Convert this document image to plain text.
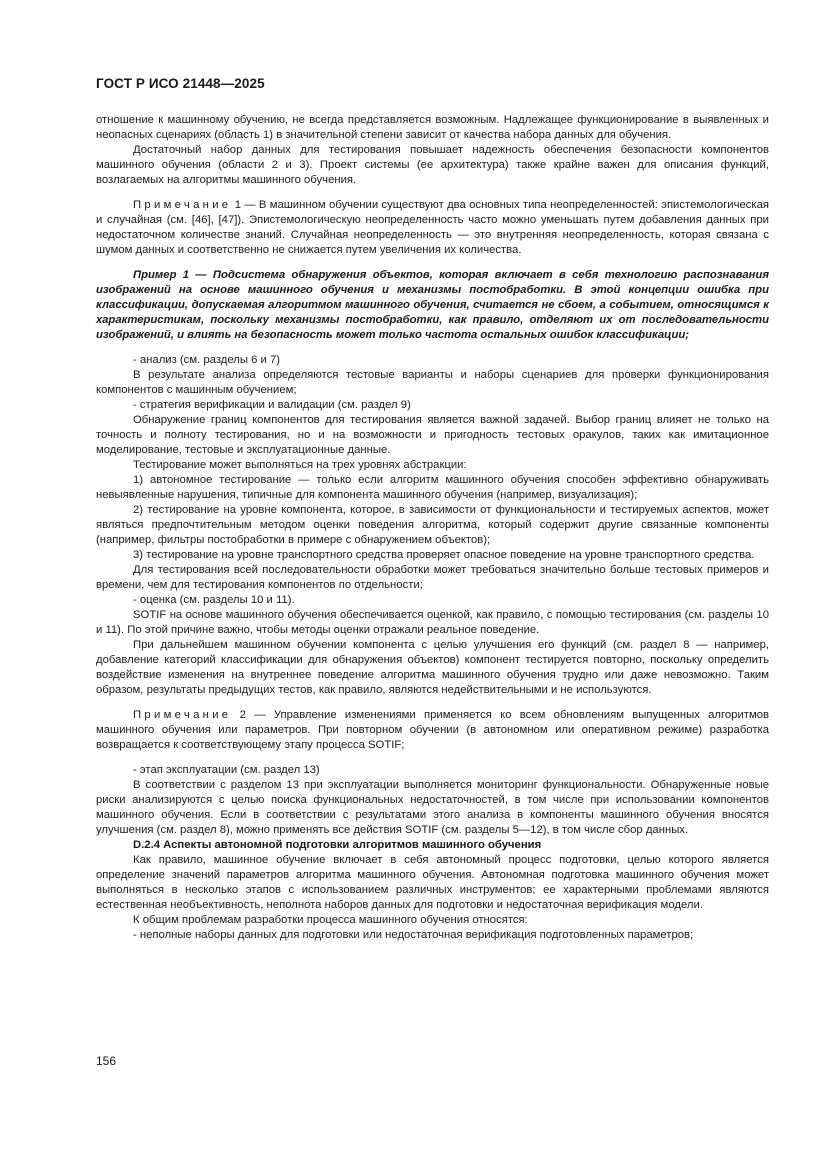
ГОСТ Р ИСО 21448—2025

отношение к машинному обучению, не всегда представляется возможным. Надлежащее функционирование в выявленных и неопасных сценариях (область 1) в значительной степени зависит от качества набора данных для обучения.

Достаточный набор данных для тестирования повышает надежность обеспечения безопасности компонентов машинного обучения (области 2 и 3). Проект системы (ее архитектура) также крайне важен для описания функций, возлагаемых на алгоритмы машинного обучения.

Примечание 1 — В машинном обучении существуют два основных типа неопределенностей: эпистемологическая и случайная (см. [46], [47]). Эпистемологическую неопределенность часто можно уменьшать путем добавления данных при недостаточном количестве знаний. Случайная неопределенность — это внутренняя неопределенность, которая связана с шумом данных и соответственно не снижается путем увеличения их количества.

Пример 1 — Подсистема обнаружения объектов, которая включает в себя технологию распознавания изображений на основе машинного обучения и механизмы постобработки. В этой концепции ошибка при классификации, допускаемая алгоритмом машинного обучения, считается не сбоем, а событием, относящимся к характеристикам, поскольку механизмы постобработки, как правило, отделяют их от последовательности изображений, и влиять на безопасность может только частота остальных ошибок классификации;

- анализ (см. разделы 6 и 7)

В результате анализа определяются тестовые варианты и наборы сценариев для проверки функционирования компонентов с машинным обучением;

- стратегия верификации и валидации (см. раздел 9)

Обнаружение границ компонентов для тестирования является важной задачей. Выбор границ влияет не только на точность и полноту тестирования, но и на возможности и пригодность тестовых оракулов, таких как имитационное моделирование, тестовые и эксплуатационные данные.

Тестирование может выполняться на трех уровнях абстракции:

1) автономное тестирование — только если алгоритм машинного обучения способен эффективно обнаруживать невыявленные нарушения, типичные для компонента машинного обучения (например, визуализация);

2) тестирование на уровне компонента, которое, в зависимости от функциональности и тестируемых аспектов, может являться предпочтительным методом оценки поведения алгоритма, который содержит другие связанные компоненты (например, фильтры постобработки в примере с обнаружением объектов);

3) тестирование на уровне транспортного средства проверяет опасное поведение на уровне транспортного средства.

Для тестирования всей последовательности обработки может требоваться значительно больше тестовых примеров и времени, чем для тестирования компонентов по отдельности;

- оценка (см. разделы 10 и 11).

SOTIF на основе машинного обучения обеспечивается оценкой, как правило, с помощью тестирования (см. разделы 10 и 11). По этой причине важно, чтобы методы оценки отражали реальное поведение.

При дальнейшем машинном обучении компонента с целью улучшения его функций (см. раздел 8 — например, добавление категорий классификации для обнаружения объектов) компонент тестируется повторно, поскольку определить воздействие изменения на внутреннее поведение алгоритма машинного обучения трудно или даже невозможно. Таким образом, результаты предыдущих тестов, как правило, являются недействительными и не используются.

Примечание 2 — Управление изменениями применяется ко всем обновлениям выпущенных алгоритмов машинного обучения или параметров. При повторном обучении (в автономном или оперативном режиме) разработка возвращается к соответствующему этапу процесса SOTIF;

- этап эксплуатации (см. раздел 13)

В соответствии с разделом 13 при эксплуатации выполняется мониторинг функциональности. Обнаруженные новые риски анализируются с целью поиска функциональных недостаточностей, в том числе при использовании компонентов машинного обучения. Если в соответствии с результатами этого анализа в компоненты машинного обучения вносятся улучшения (см. раздел 8), можно применять все действия SOTIF (см. разделы 5—12), в том числе сбор данных.

D.2.4 Аспекты автономной подготовки алгоритмов машинного обучения

Как правило, машинное обучение включает в себя автономный процесс подготовки, целью которого является определение значений параметров алгоритма машинного обучения. Автономная подготовка машинного обучения может выполняться в несколько этапов с использованием различных инструментов; ее характерными проблемами являются естественная необъективность, неполнота наборов данных для подготовки и недостаточная верификация модели.

К общим проблемам разработки процесса машинного обучения относятся:

- неполные наборы данных для подготовки или недостаточная верификация подготовленных параметров;

156
